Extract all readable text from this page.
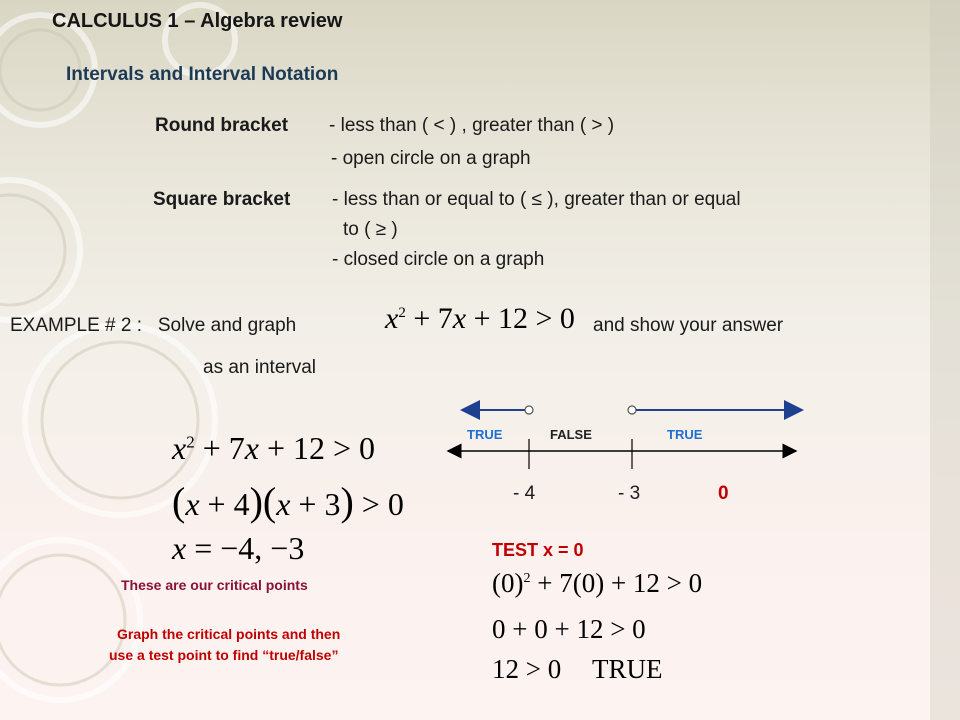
CALCULUS 1 – Algebra review
Intervals and Interval Notation
Round bracket - less than ( < ) , greater than ( > )
- open circle on a graph
Square bracket - less than or equal to ( ≤ ), greater than or equal
to ( ≥ )
- closed circle on a graph
EXAMPLE # 2 :   Solve and graph	$x^2 + 7x + 12 > 0$ and show your answer
as an interval
$x^2 + 7x + 12 > 0$
(x + 4)(x + 3) > 0
x = −4, −3
These are our critical points
Graph the critical points and then
use a test point to find “true/false”
TRUE	FALSE	TRUE
- 4	- 3	0
TEST x = 0
$(0)^2 + 7(0) + 12 > 0$
0 + 0 + 12 > 0
12 > 0 TRUE
